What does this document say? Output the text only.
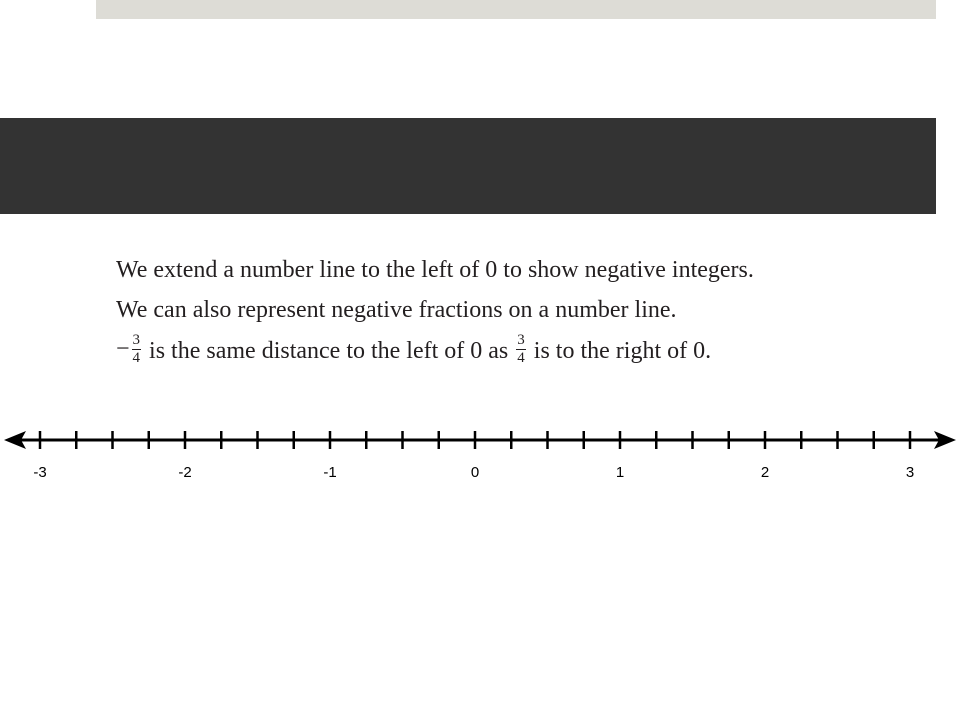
We extend a number line to the left of 0 to show negative integers.
We can also represent negative fractions on a number line.
− $\frac{3}{4}$ is the same distance to the left of 0 as $\frac{3}{4}$ is to the right of 0.
-3	-2	-1	0	1	2	3
